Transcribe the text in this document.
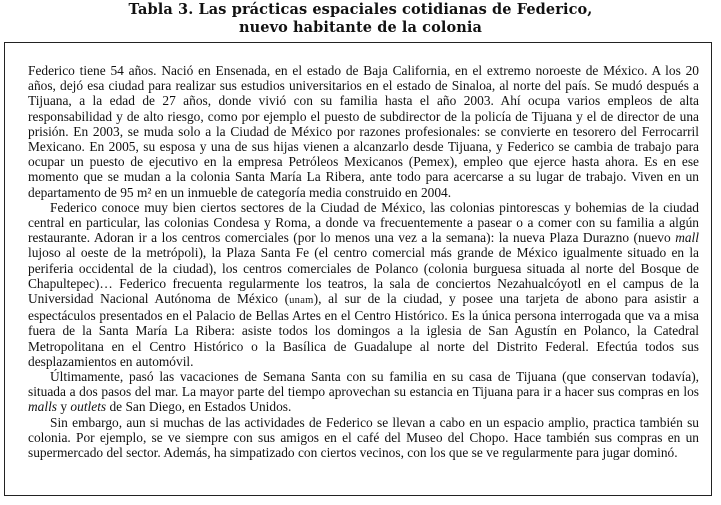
Tabla 3. Las prácticas espaciales cotidianas de Federico,
nuevo habitante de la colonia

Federico tiene 54 años. Nació en Ensenada, en el estado de Baja California, en el extremo noroeste de México. A los 20 años, dejó esa ciudad para realizar sus estudios universitarios en el estado de Sinaloa, al norte del país. Se mudó después a Tijuana, a la edad de 27 años, donde vivió con su familia hasta el año 2003. Ahí ocupa varios empleos de alta responsabilidad y de alto riesgo, como por ejemplo el puesto de subdirector de la policía de Tijuana y el de director de una prisión. En 2003, se muda solo a la Ciudad de México por razones profesionales: se convierte en tesorero del Ferrocarril Mexicano. En 2005, su esposa y una de sus hijas vienen a alcanzarlo desde Tijuana, y Federico se cambia de trabajo para ocupar un puesto de ejecutivo en la empresa Petróleos Mexicanos (Pemex), empleo que ejerce hasta ahora. Es en ese momento que se mudan a la colonia Santa María La Ribera, ante todo para acercarse a su lugar de trabajo. Viven en un departamento de 95 m² en un inmueble de categoría media construido en 2004.

Federico conoce muy bien ciertos sectores de la Ciudad de México, las colonias pintorescas y bohemias de la ciudad central en particular, las colonias Condesa y Roma, a donde va frecuentemente a pasear o a comer con su familia a algún restaurante. Adoran ir a los centros comerciales (por lo menos una vez a la semana): la nueva Plaza Durazno (nuevo mall lujoso al oeste de la metrópoli), la Plaza Santa Fe (el centro comercial más grande de México igualmente situado en la periferia occidental de la ciudad), los centros comerciales de Polanco (colonia burguesa situada al norte del Bosque de Chapultepec)… Federico frecuenta regularmente los teatros, la sala de conciertos Nezahualcóyotl en el campus de la Universidad Nacional Autónoma de México (unam), al sur de la ciudad, y posee una tarjeta de abono para asistir a espectáculos presentados en el Palacio de Bellas Artes en el Centro Histórico. Es la única persona interrogada que va a misa fuera de la Santa María La Ribera: asiste todos los domingos a la iglesia de San Agustín en Polanco, la Catedral Metropolitana en el Centro Histórico o la Basílica de Guadalupe al norte del Distrito Federal. Efectúa todos sus desplazamientos en automóvil.

Últimamente, pasó las vacaciones de Semana Santa con su familia en su casa de Tijuana (que conservan todavía), situada a dos pasos del mar. La mayor parte del tiempo aprovechan su estancia en Tijuana para ir a hacer sus compras en los malls y outlets de San Diego, en Estados Unidos.

Sin embargo, aun si muchas de las actividades de Federico se llevan a cabo en un espacio amplio, practica también su colonia. Por ejemplo, se ve siempre con sus amigos en el café del Museo del Chopo. Hace también sus compras en un supermercado del sector. Además, ha simpatizado con ciertos vecinos, con los que se ve regularmente para jugar dominó.
